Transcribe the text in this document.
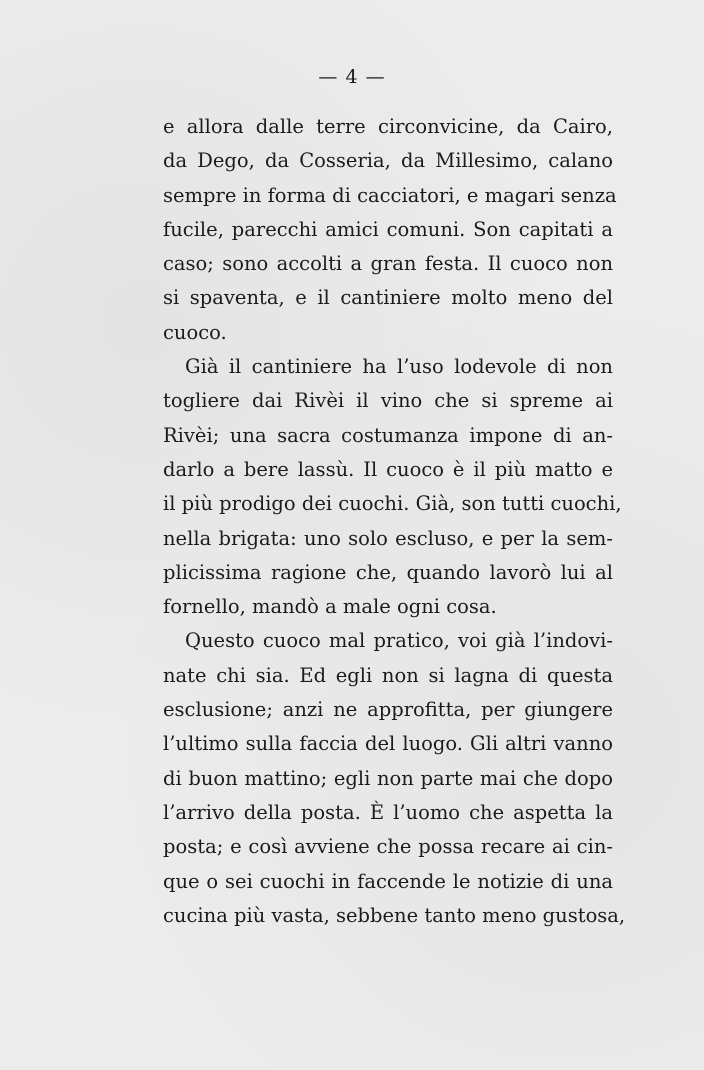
— 4 —
e allora dalle terre circonvicine, da Cairo,
da Dego, da Cosseria, da Millesimo, calano
sempre in forma di cacciatori, e magari senza
fucile, parecchi amici comuni. Son capitati a
caso; sono accolti a gran festa. Il cuoco non
si spaventa, e il cantiniere molto meno del
cuoco.
Già il cantiniere ha l’uso lodevole di non
togliere dai Rivèi il vino che si spreme ai
Rivèi; una sacra costumanza impone di an-
darlo a bere lassù. Il cuoco è il più matto e
il più prodigo dei cuochi. Già, son tutti cuochi,
nella brigata: uno solo escluso, e per la sem-
plicissima ragione che, quando lavorò lui al
fornello, mandò a male ogni cosa.
Questo cuoco mal pratico, voi già l’indovi-
nate chi sia. Ed egli non si lagna di questa
esclusione; anzi ne approfitta, per giungere
l’ultimo sulla faccia del luogo. Gli altri vanno
di buon mattino; egli non parte mai che dopo
l’arrivo della posta. È l’uomo che aspetta la
posta; e così avviene che possa recare ai cin-
que o sei cuochi in faccende le notizie di una
cucina più vasta, sebbene tanto meno gustosa,
